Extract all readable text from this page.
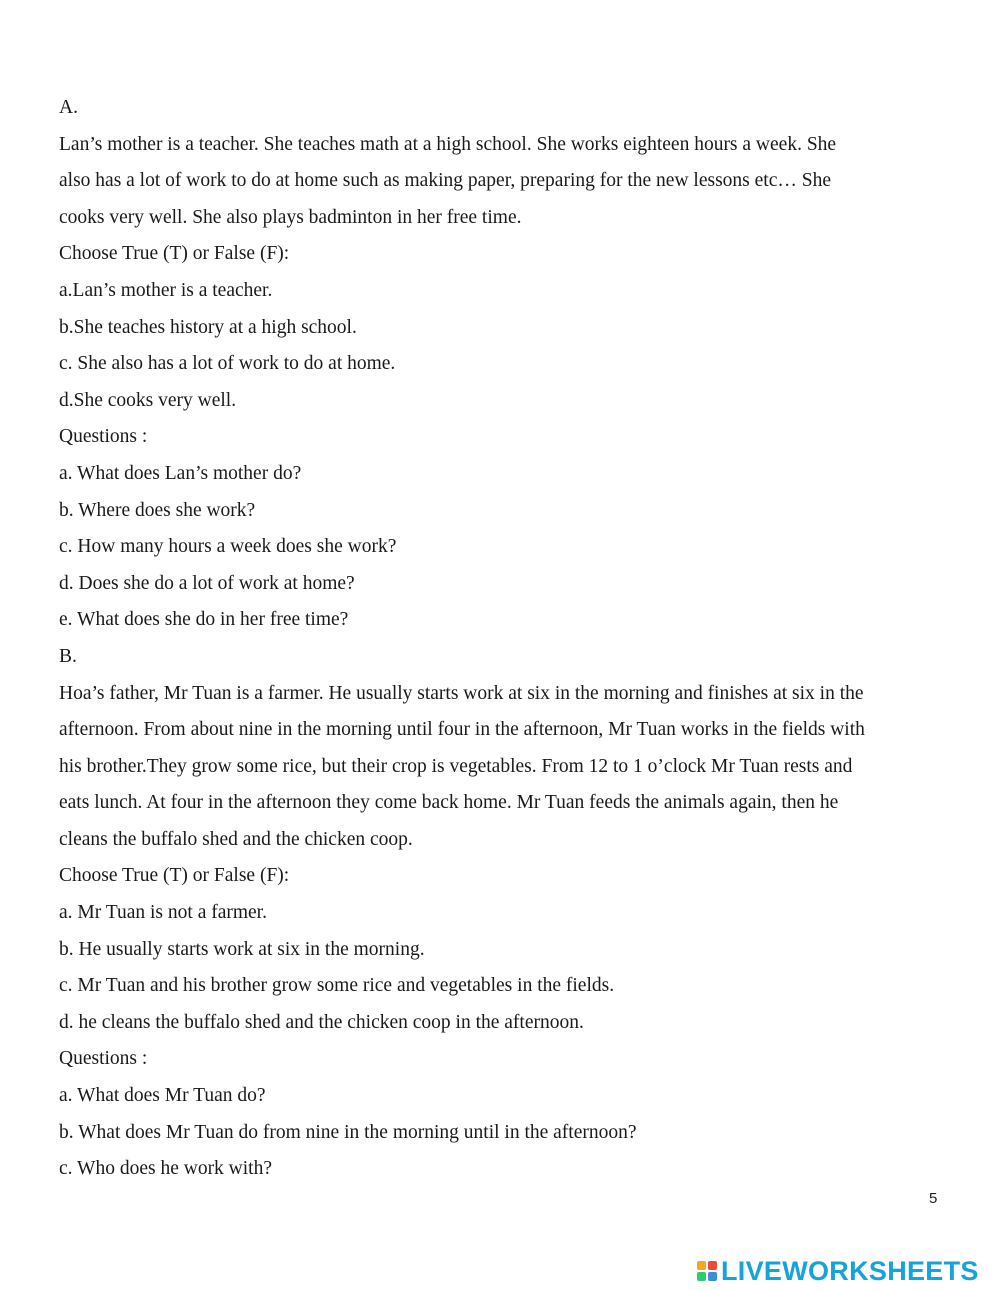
A.

Lan’s mother is a teacher. She teaches math at a high school. She works eighteen hours a week. She

also has a lot of work to do at home such as making paper, preparing for the new lessons etc… She

cooks very well. She also plays badminton in her free time.

Choose True (T) or False (F):

a.Lan’s mother is a teacher.

b.She teaches history at a high school.

c. She also has a lot of work to do at home.

d.She cooks very well.

Questions :

a. What does Lan’s mother do?

b. Where does she work?

c. How many hours a week does she work?

d. Does she do a lot of work at home?

e. What does she do in her free time?

B.

Hoa’s father, Mr Tuan is a farmer. He usually starts work at six in the morning and finishes at six in the

afternoon. From about nine in the morning until four in the afternoon, Mr Tuan works in the fields with

his brother.They grow some rice, but their crop is vegetables. From 12 to 1 o’clock Mr Tuan rests and

eats lunch. At four in the afternoon they come back home. Mr Tuan feeds the animals again, then he

cleans the buffalo shed and the chicken coop.

Choose True (T) or False (F):

a. Mr Tuan is not a farmer.

b. He usually starts work at six in the morning.

c. Mr Tuan and his brother grow some rice and vegetables in the fields.

d. he cleans the buffalo shed and the chicken coop in the afternoon.

Questions :

a. What does Mr Tuan do?

b. What does Mr Tuan do from nine in the morning until in the afternoon?

c. Who does he work with?

5
LIVEWORKSHEETS
